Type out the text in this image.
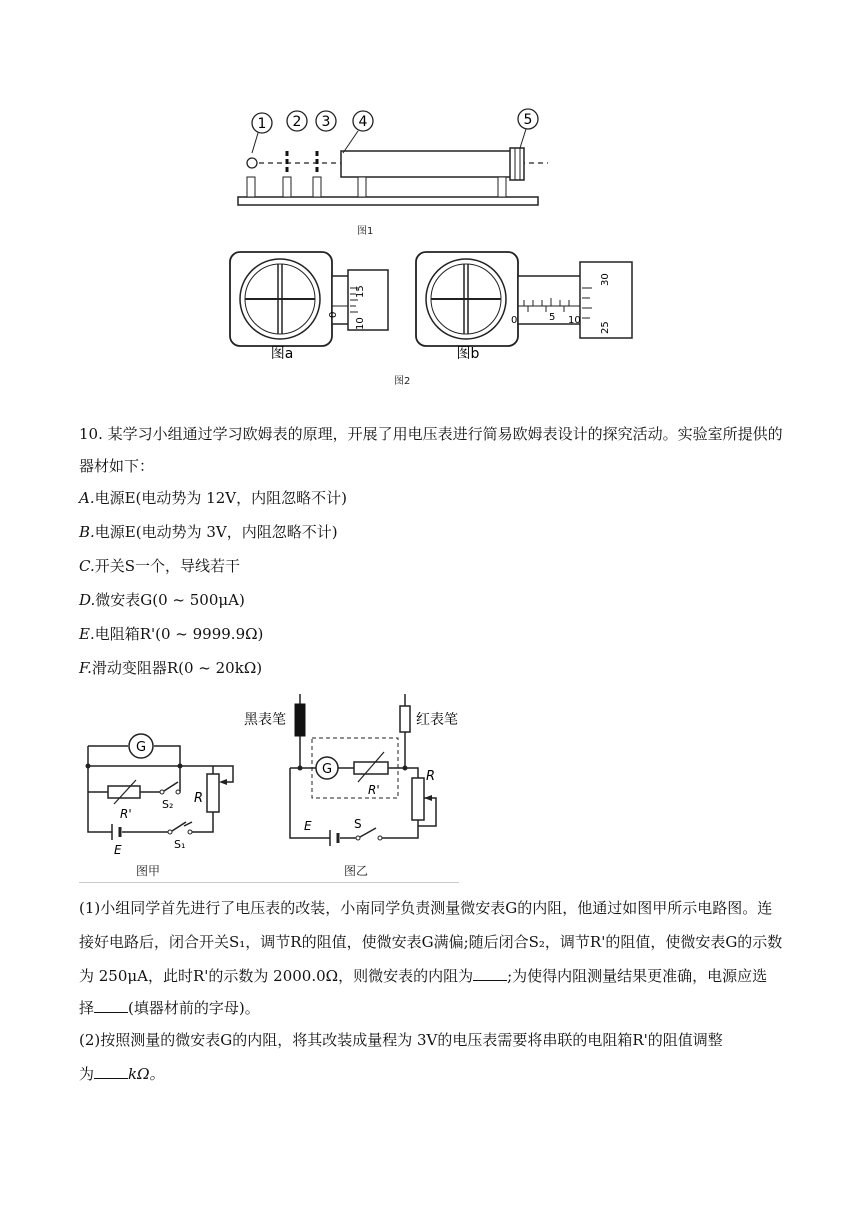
1 2 3 4	5
图1
0
10
15
0	5 10
30
25
图a	图b
图2
10. 某学习小组通过学习欧姆表的原理，开展了用电压表进行简易欧姆表设计的探究活动。实验室所提供的
器材如下：
A.电源E(电动势为 12V，内阻忽略不计)
B.电源E(电动势为 3V，内阻忽略不计)
C.开关S一个，导线若干
D.微安表G(0 ~ 500μA)
E.电阻箱R'(0 ~ 9999.9Ω)
F.滑动变阻器R(0 ~ 20kΩ)
G
R'
S₂ R
E	S₁
图甲
黑表笔	红表笔
G
R'
R
E	S
图乙
(1)小组同学首先进行了电压表的改装，小南同学负责测量微安表G的内阻，他通过如图甲所示电路图。连
接好电路后，闭合开关S₁，调节R的阻值，使微安表G满偏;随后闭合S₂，调节R'的阻值，使微安表G的示数
为 250μA，此时R'的示数为 2000.0Ω，则微安表的内阻为 ;为使得内阻测量结果更准确，电源应选
择 (填器材前的字母)。
(2)按照测量的微安表G的内阻，将其改装成量程为 3V的电压表需要将串联的电阻箱R'的阻值调整
为 kΩ。
